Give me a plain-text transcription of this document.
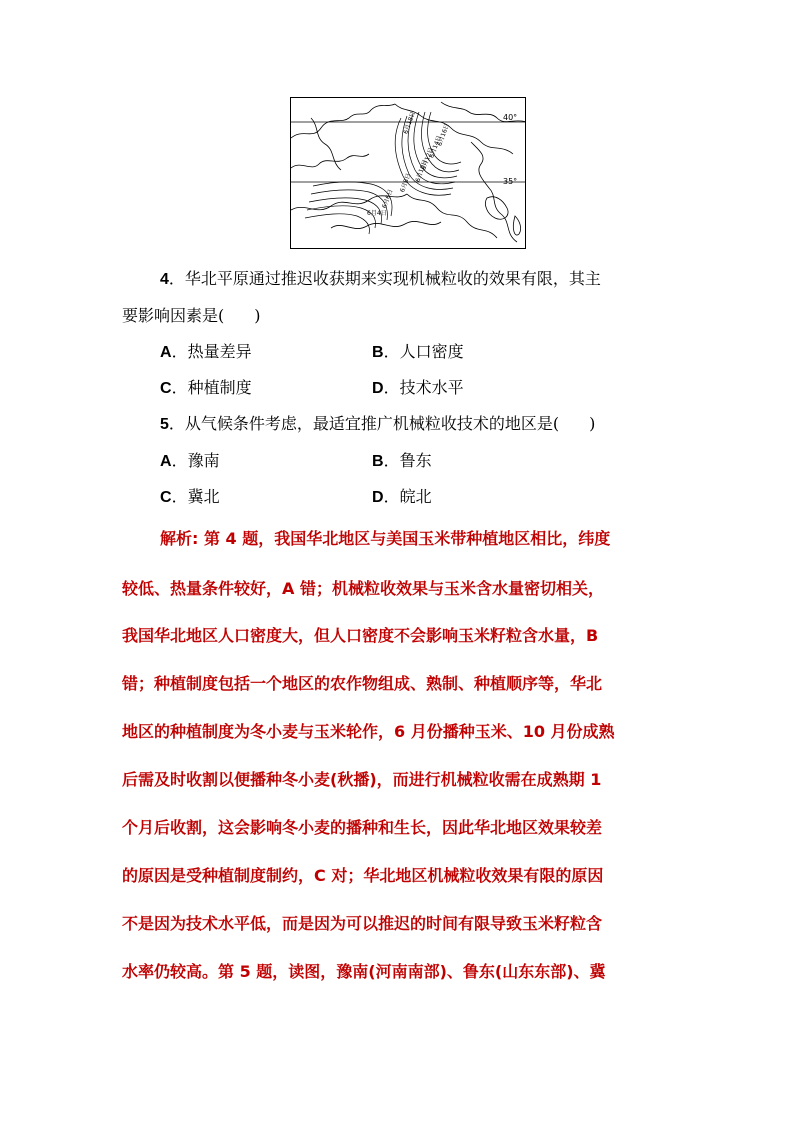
40°
35°
6月18日	6月16日
6月14日
6月12日
6月10日
6月8日
6月6日
6月4日
4．华北平原通过推迟收获期来实现机械粒收的效果有限，其主
要影响因素是( )
A．热量差异	B．人口密度
C．种植制度	D．技术水平
5．从气候条件考虑，最适宜推广机械粒收技术的地区是( )
A．豫南	B．鲁东
C．冀北	D．皖北
解析: 第 4 题，我国华北地区与美国玉米带种植地区相比，纬度
较低、热量条件较好，A 错；机械粒收效果与玉米含水量密切相关，
我国华北地区人口密度大，但人口密度不会影响玉米籽粒含水量，B
错；种植制度包括一个地区的农作物组成、熟制、种植顺序等，华北
地区的种植制度为冬小麦与玉米轮作，6 月份播种玉米、10 月份成熟
后需及时收割以便播种冬小麦(秋播)，而进行机械粒收需在成熟期 1
个月后收割，这会影响冬小麦的播种和生长，因此华北地区效果较差
的原因是受种植制度制约，C 对；华北地区机械粒收效果有限的原因
不是因为技术水平低，而是因为可以推迟的时间有限导致玉米籽粒含
水率仍较高。第 5 题，读图，豫南(河南南部)、鲁东(山东东部)、冀
